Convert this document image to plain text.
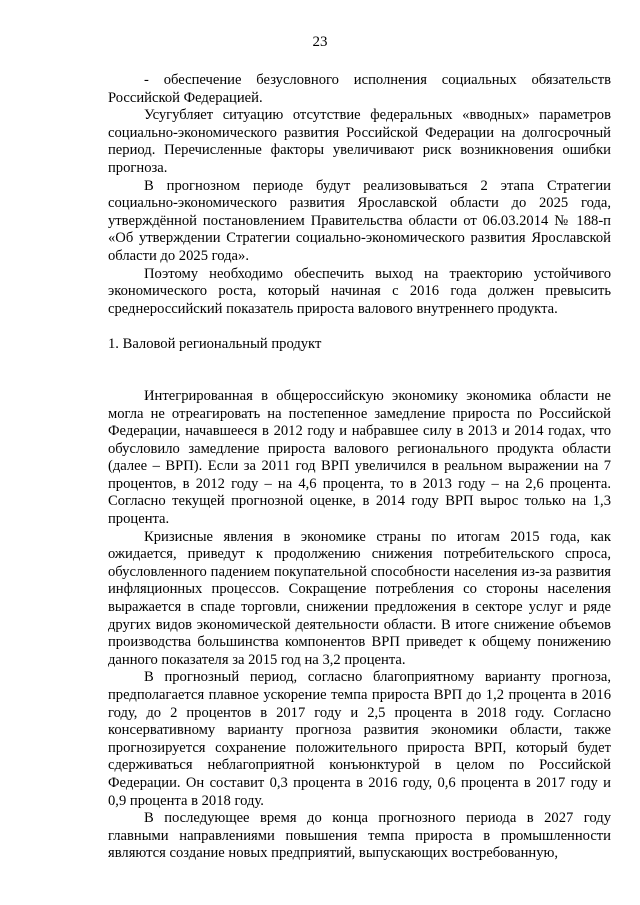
23

- обеспечение безусловного исполнения социальных обязательств Российской Федерацией.

Усугубляет ситуацию отсутствие федеральных «вводных» параметров социально-экономического развития Российской Федерации на долгосрочный период. Перечисленные факторы увеличивают риск возникновения ошибки прогноза.

В прогнозном периоде будут реализовываться 2 этапа Стратегии социально-экономического развития Ярославской области до 2025 года, утверждённой постановлением Правительства области от 06.03.2014 № 188-п «Об утверждении Стратегии социально-экономического развития Ярославской области до 2025 года».

Поэтому необходимо обеспечить выход на траекторию устойчивого экономического роста, который начиная с 2016 года должен превысить среднероссийский показатель прироста валового внутреннего продукта.

1. Валовой региональный продукт

Интегрированная в общероссийскую экономику экономика области не могла не отреагировать на постепенное замедление прироста по Российской Федерации, начавшееся в 2012 году и набравшее силу в 2013 и 2014 годах, что обусловило замедление прироста валового регионального продукта области (далее – ВРП). Если за 2011 год ВРП увеличился в реальном выражении на 7 процентов, в 2012 году – на 4,6 процента, то в 2013 году – на 2,6 процента. Согласно текущей прогнозной оценке, в 2014 году ВРП вырос только на 1,3 процента.

Кризисные явления в экономике страны по итогам 2015 года, как ожидается, приведут к продолжению снижения потребительского спроса, обусловленного падением покупательной способности населения из-за развития инфляционных процессов. Сокращение потребления со стороны населения выражается в спаде торговли, снижении предложения в секторе услуг и ряде других видов экономической деятельности области. В итоге снижение объемов производства большинства компонентов ВРП приведет к общему понижению данного показателя за 2015 год на 3,2 процента.

В прогнозный период, согласно благоприятному варианту прогноза, предполагается плавное ускорение темпа прироста ВРП до 1,2 процента в 2016 году, до 2 процентов в 2017 году и 2,5 процента в 2018 году. Согласно консервативному варианту прогноза развития экономики области, также прогнозируется сохранение положительного прироста ВРП, который будет сдерживаться неблагоприятной конъюнктурой в целом по Российской Федерации. Он составит 0,3 процента в 2016 году, 0,6 процента в 2017 году и 0,9 процента в 2018 году.

В последующее время до конца прогнозного периода в 2027 году главными направлениями повышения темпа прироста в промышленности являются создание новых предприятий, выпускающих востребованную,
